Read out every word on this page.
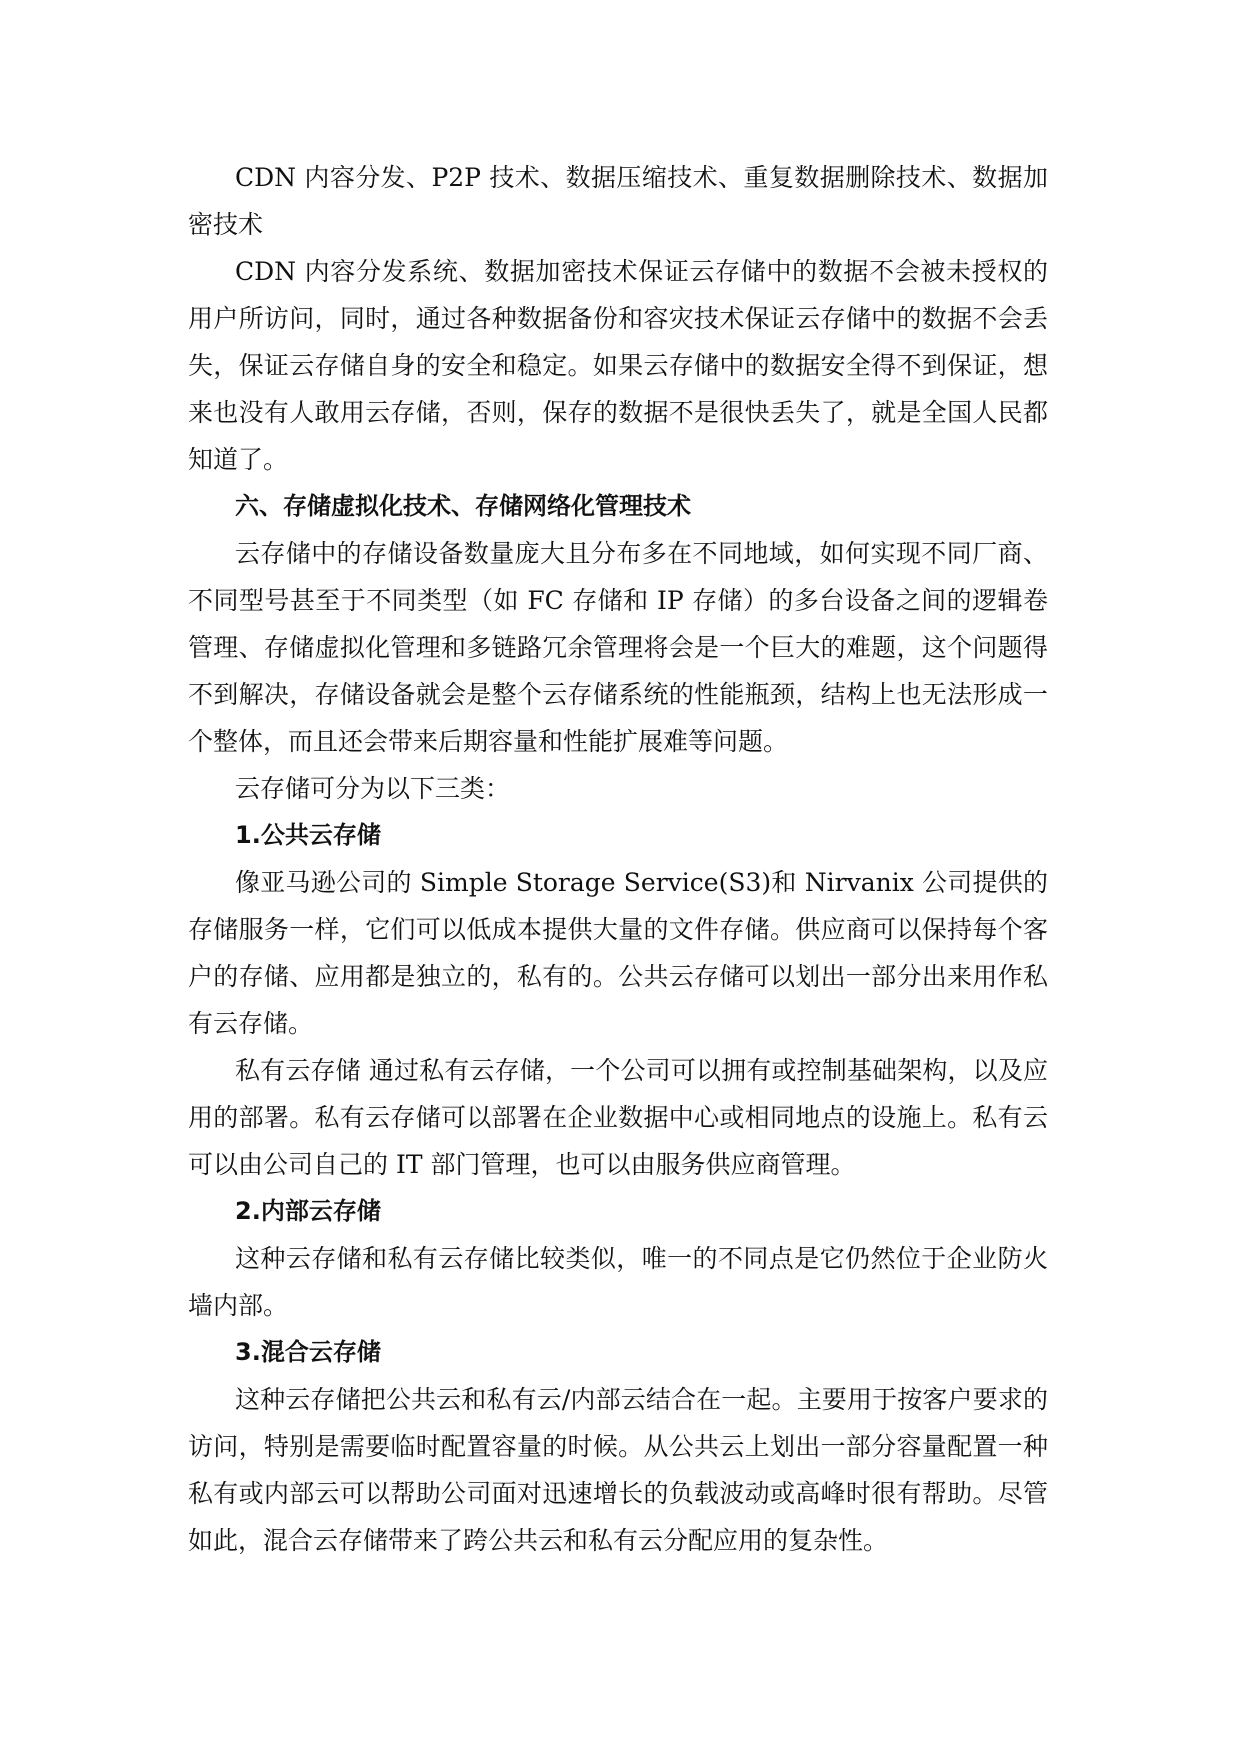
CDN 内容分发、P2P 技术、数据压缩技术、重复数据删除技术、数据加密技术

CDN 内容分发系统、数据加密技术保证云存储中的数据不会被未授权的用户所访问，同时，通过各种数据备份和容灾技术保证云存储中的数据不会丢失，保证云存储自身的安全和稳定。如果云存储中的数据安全得不到保证，想来也没有人敢用云存储，否则，保存的数据不是很快丢失了，就是全国人民都知道了。

六、存储虚拟化技术、存储网络化管理技术

云存储中的存储设备数量庞大且分布多在不同地域，如何实现不同厂商、不同型号甚至于不同类型（如 FC 存储和 IP 存储）的多台设备之间的逻辑卷管理、存储虚拟化管理和多链路冗余管理将会是一个巨大的难题，这个问题得不到解决，存储设备就会是整个云存储系统的性能瓶颈，结构上也无法形成一个整体，而且还会带来后期容量和性能扩展难等问题。

云存储可分为以下三类：

1.公共云存储

像亚马逊公司的 Simple Storage Service(S3)和 Nirvanix 公司提供的存储服务一样，它们可以低成本提供大量的文件存储。供应商可以保持每个客户的存储、应用都是独立的，私有的。公共云存储可以划出一部分出来用作私有云存储。

私有云存储 通过私有云存储，一个公司可以拥有或控制基础架构，以及应用的部署。私有云存储可以部署在企业数据中心或相同地点的设施上。私有云可以由公司自己的 IT 部门管理，也可以由服务供应商管理。

2.内部云存储

这种云存储和私有云存储比较类似，唯一的不同点是它仍然位于企业防火墙内部。

3.混合云存储

这种云存储把公共云和私有云/内部云结合在一起。主要用于按客户要求的访问，特别是需要临时配置容量的时候。从公共云上划出一部分容量配置一种私有或内部云可以帮助公司面对迅速增长的负载波动或高峰时很有帮助。尽管如此，混合云存储带来了跨公共云和私有云分配应用的复杂性。
